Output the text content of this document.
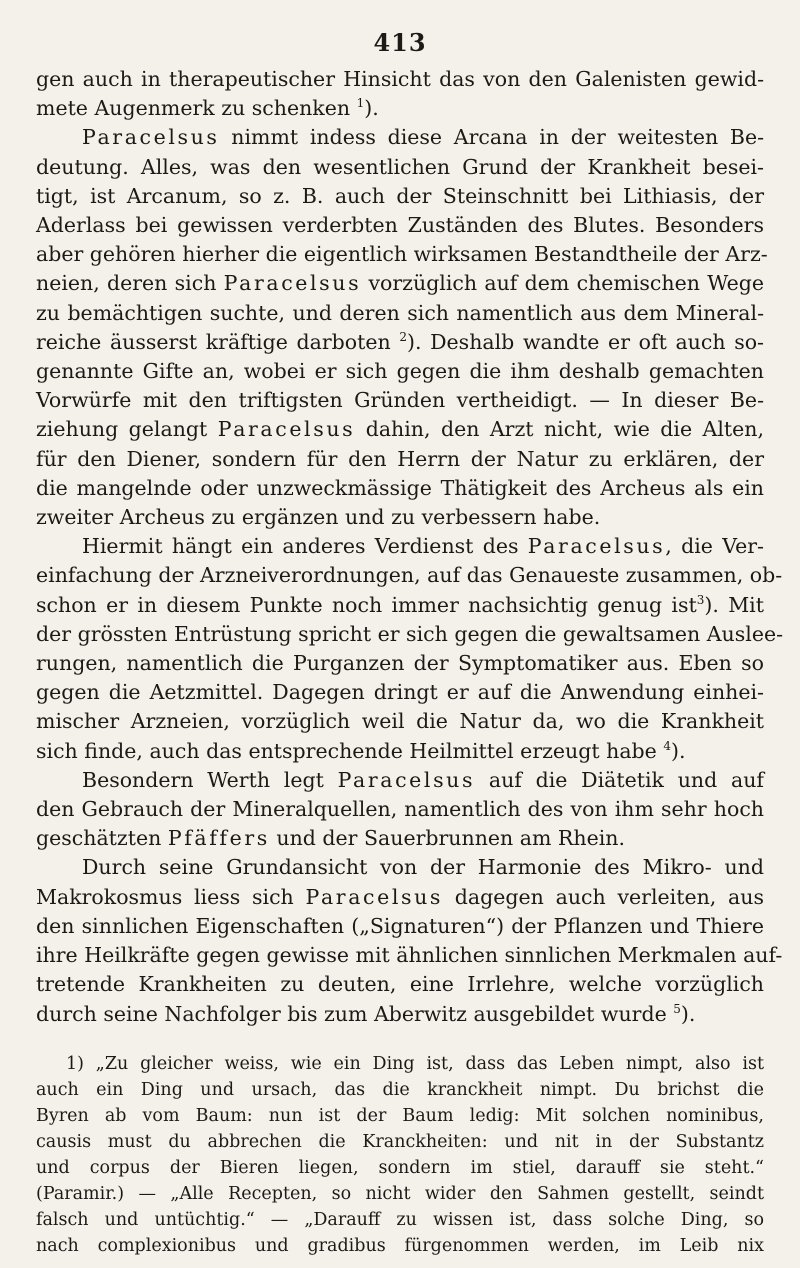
413
gen auch in therapeutischer Hinsicht das von den Galenisten gewid-
mete Augenmerk zu schenken $^1$).
Paracelsus nimmt indess diese Arcana in der weitesten Be-
deutung. Alles, was den wesentlichen Grund der Krankheit besei-
tigt, ist Arcanum, so z. B. auch der Steinschnitt bei Lithiasis, der
Aderlass bei gewissen verderbten Zuständen des Blutes. Besonders
aber gehören hierher die eigentlich wirksamen Bestandtheile der Arz-
neien, deren sich Paracelsus vorzüglich auf dem chemischen Wege
zu bemächtigen suchte, und deren sich namentlich aus dem Mineral-
reiche äusserst kräftige darboten $^2$). Deshalb wandte er oft auch so-
genannte Gifte an, wobei er sich gegen die ihm deshalb gemachten
Vorwürfe mit den triftigsten Gründen vertheidigt. — In dieser Be-
ziehung gelangt Paracelsus dahin, den Arzt nicht, wie die Alten,
für den Diener, sondern für den Herrn der Natur zu erklären, der
die mangelnde oder unzweckmässige Thätigkeit des Archeus als ein
zweiter Archeus zu ergänzen und zu verbessern habe.
Hiermit hängt ein anderes Verdienst des Paracelsus, die Ver-
einfachung der Arzneiverordnungen, auf das Genaueste zusammen, ob-
schon er in diesem Punkte noch immer nachsichtig genug ist$^3$). Mit
der grössten Entrüstung spricht er sich gegen die gewaltsamen Auslee-
rungen, namentlich die Purganzen der Symptomatiker aus. Eben so
gegen die Aetzmittel. Dagegen dringt er auf die Anwendung einhei-
mischer Arzneien, vorzüglich weil die Natur da, wo die Krankheit
sich finde, auch das entsprechende Heilmittel erzeugt habe $^4$).
Besondern Werth legt Paracelsus auf die Diätetik und auf
den Gebrauch der Mineralquellen, namentlich des von ihm sehr hoch
geschätzten Pfäffers und der Sauerbrunnen am Rhein.
Durch seine Grundansicht von der Harmonie des Mikro- und
Makrokosmus liess sich Paracelsus dagegen auch verleiten, aus
den sinnlichen Eigenschaften („Signaturen“) der Pflanzen und Thiere
ihre Heilkräfte gegen gewisse mit ähnlichen sinnlichen Merkmalen auf-
tretende Krankheiten zu deuten, eine Irrlehre, welche vorzüglich
durch seine Nachfolger bis zum Aberwitz ausgebildet wurde $^5$).
1) „Zu gleicher weiss, wie ein Ding ist, dass das Leben nimpt, also ist
auch ein Ding und ursach, das die kranckheit nimpt. Du brichst die
Byren ab vom Baum: nun ist der Baum ledig: Mit solchen nominibus,
causis must du abbrechen die Kranckheiten: und nit in der Substantz
und corpus der Bieren liegen, sondern im stiel, darauff sie steht.“
(Paramir.) — „Alle Recepten, so nicht wider den Sahmen gestellt, seindt
falsch und untüchtig.“ — „Darauff zu wissen ist, dass solche Ding, so
nach complexionibus und gradibus fürgenommen werden, im Leib nix
